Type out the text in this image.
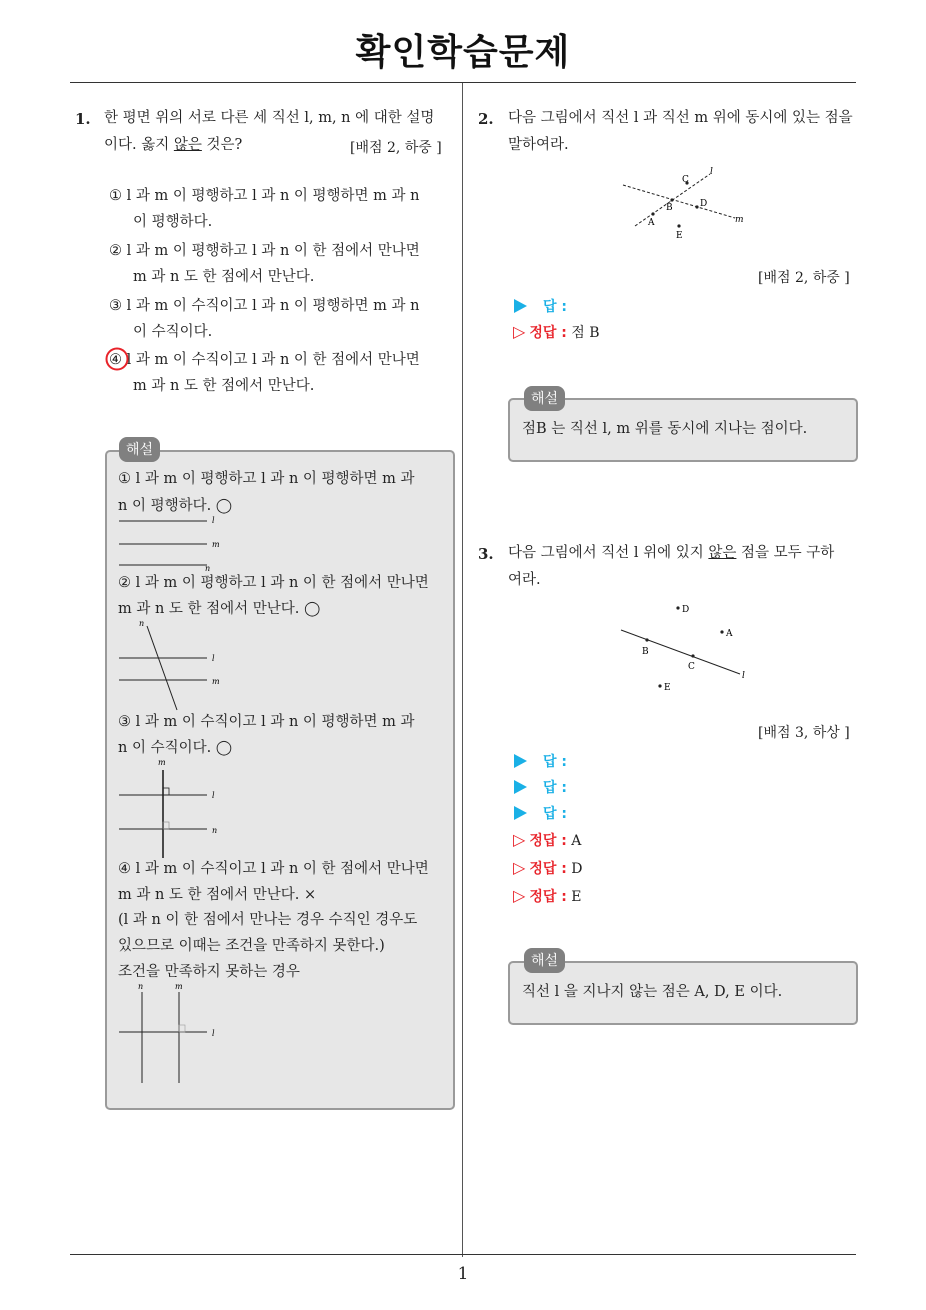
확인학습문제
1
1. 한 평면 위의 서로 다른 세 직선 l, m, n 에 대한 설명
이다. 옳지 않은 것은?	[배점 2, 하중 ]
① l 과 m 이 평행하고 l 과 n 이 평행하면 m 과 n
이 평행하다.
② l 과 m 이 평행하고 l 과 n 이 한 점에서 만나면
m 과 n 도 한 점에서 만난다.
③ l 과 m 이 수직이고 l 과 n 이 평행하면 m 과 n
이 수직이다.
④ l 과 m 이 수직이고 l 과 n 이 한 점에서 만나면
m 과 n 도 한 점에서 만난다.
해설
① l 과 m 이 평행하고 l 과 n 이 평행하면 m 과
n 이 평행하다. ◯
l
m
n
② l 과 m 이 평행하고 l 과 n 이 한 점에서 만나면
m 과 n 도 한 점에서 만난다. ◯
n
l
m
③ l 과 m 이 수직이고 l 과 n 이 평행하면 m 과
n 이 수직이다. ◯
m
l
n
④ l 과 m 이 수직이고 l 과 n 이 한 점에서 만나면
m 과 n 도 한 점에서 만난다. ×
(l 과 n 이 한 점에서 만나는 경우 수직인 경우도
있으므로 이때는 조건을 만족하지 못한다.)
조건을 만족하지 못하는 경우
n	m
l
2. 다음 그림에서 직선 l 과 직선 m 위에 동시에 있는 점을
말하여라.
C
B
A
D
E
l
m
[배점 2, 하중 ]
답 :
▷ 정답 : 점 B
해설
점B 는 직선 l, m 위를 동시에 지나는 점이다.
3. 다음 그림에서 직선 l 위에 있지 않은 점을 모두 구하
여라.
D
A
B
C
E
l
[배점 3, 하상 ]
답 :
답 :
답 :
▷ 정답 : A
▷ 정답 : D
▷ 정답 : E
해설
직선 l 을 지나지 않는 점은 A, D, E 이다.
